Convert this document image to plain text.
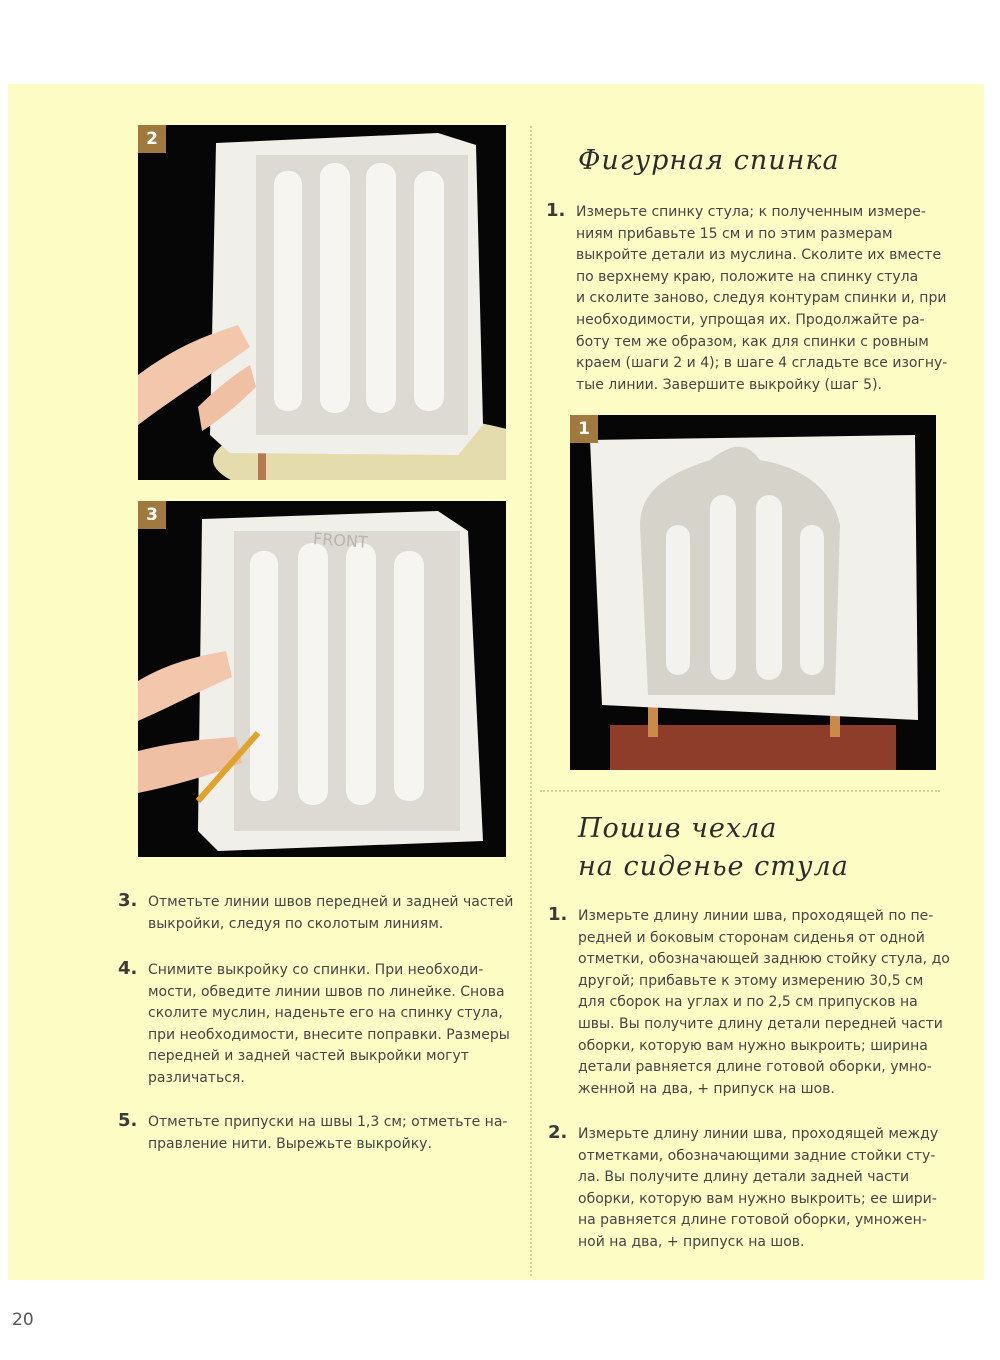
2
FRONT
3
1
Фигурная спинка
1. Измерьте спинку стула; к полученным измере-
ниям прибавьте 15 см и по этим размерам
выкройте детали из муслина. Сколите их вместе
по верхнему краю, положите на спинку стула
и сколите заново, следуя контурам спинки и, при
необходимости, упрощая их. Продолжайте ра-
боту тем же образом, как для спинки с ровным
краем (шаги 2 и 4); в шаге 4 сгладьте все изогну-
тые линии. Завершите выкройку (шаг 5).
Пошив чехла
на сиденье стула
1. Измерьте длину линии шва, проходящей по пе-
редней и боковым сторонам сиденья от одной
отметки, обозначающей заднюю стойку стула, до
другой; прибавьте к этому измерению 30,5 см
для сборок на углах и по 2,5 см припусков на
швы. Вы получите длину детали передней части
оборки, которую вам нужно выкроить; ширина
детали равняется длине готовой оборки, умно-
женной на два, + припуск на шов.
2. Измерьте длину линии шва, проходящей между
отметками, обозначающими задние стойки сту-
ла. Вы получите длину детали задней части
оборки, которую вам нужно выкроить; ее шири-
на равняется длине готовой оборки, умножен-
ной на два, + припуск на шов.
3. Отметьте линии швов передней и задней частей
выкройки, следуя по сколотым линиям.
4. Снимите выкройку со спинки. При необходи-
мости, обведите линии швов по линейке. Снова
сколите муслин, наденьте его на спинку стула,
при необходимости, внесите поправки. Размеры
передней и задней частей выкройки могут
различаться.
5. Отметьте припуски на швы 1,3 см; отметьте на-
правление нити. Вырежьте выкройку.
20
